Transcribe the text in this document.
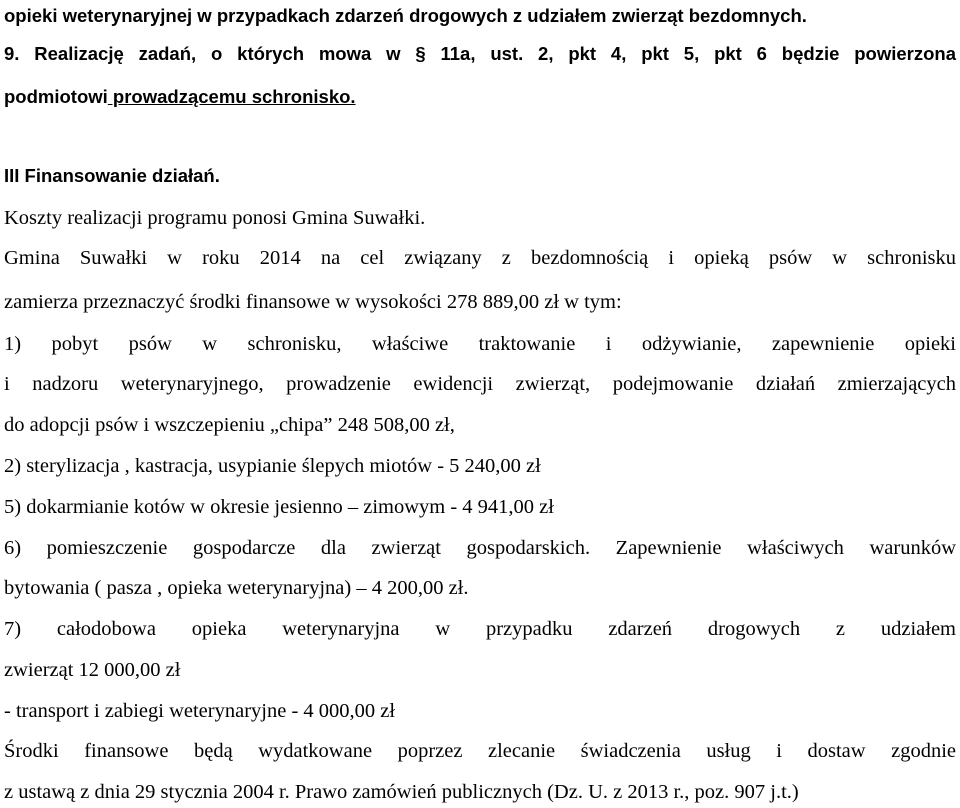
opieki weterynaryjnej w przypadkach zdarzeń drogowych z udziałem zwierząt bezdomnych.
9. Realizację zadań, o których mowa w § 11a, ust. 2, pkt 4, pkt 5, pkt 6 będzie powierzona
podmiotowi prowadzącemu schronisko.
III Finansowanie działań.
Koszty realizacji programu ponosi Gmina Suwałki.
Gmina Suwałki w roku 2014 na cel związany z bezdomnością i opieką psów w schronisku
zamierza przeznaczyć środki finansowe w wysokości 278 889,00 zł w tym:
1) pobyt psów w schronisku, właściwe traktowanie i odżywianie, zapewnienie opieki
i nadzoru weterynaryjnego, prowadzenie ewidencji zwierząt, podejmowanie działań zmierzających
do adopcji psów i wszczepieniu „chipa” 248 508,00 zł,
2) sterylizacja , kastracja, usypianie ślepych miotów - 5 240,00 zł
5) dokarmianie kotów w okresie jesienno – zimowym - 4 941,00 zł
6) pomieszczenie gospodarcze dla zwierząt gospodarskich. Zapewnienie właściwych warunków
bytowania ( pasza , opieka weterynaryjna) – 4 200,00 zł.
7) całodobowa opieka weterynaryjna w przypadku zdarzeń drogowych z udziałem
zwierząt 12 000,00 zł
- transport i zabiegi weterynaryjne - 4 000,00 zł
Środki finansowe będą wydatkowane poprzez zlecanie świadczenia usług i dostaw zgodnie
z ustawą z dnia 29 stycznia 2004 r. Prawo zamówień publicznych (Dz. U. z 2013 r., poz. 907 j.t.)
